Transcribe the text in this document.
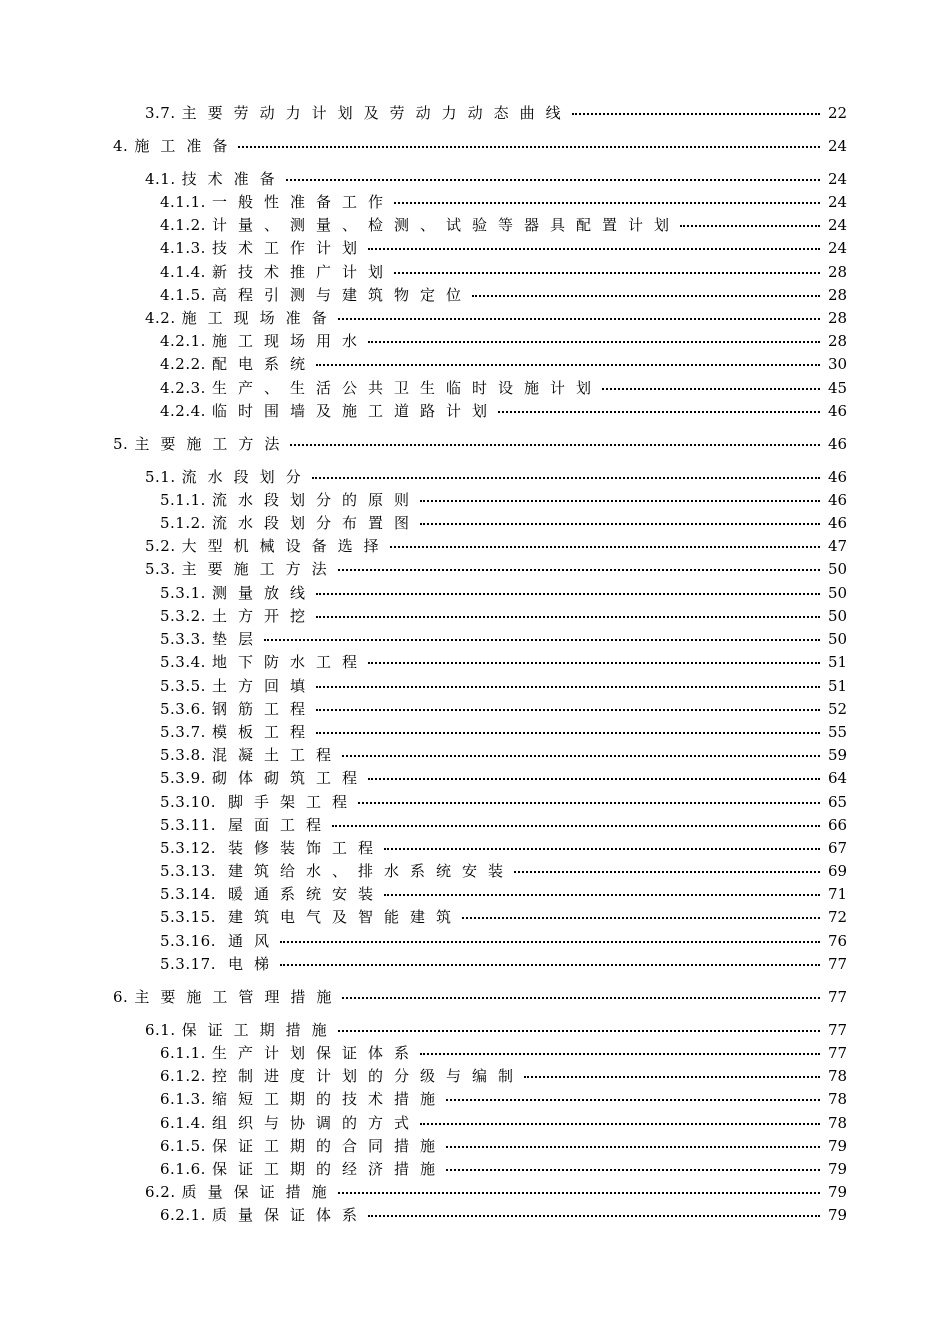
3.7. 主要劳动力计划及劳动力动态曲线	22
4. 施工准备	24
4.1. 技术准备	24
4.1.1. 一般性准备工作	24
4.1.2. 计量、测量、检测、试验等器具配置计划	24
4.1.3. 技术工作计划	24
4.1.4. 新技术推广计划	28
4.1.5. 高程引测与建筑物定位	28
4.2. 施工现场准备	28
4.2.1. 施工现场用水	28
4.2.2. 配电系统	30
4.2.3. 生产、生活公共卫生临时设施计划	45
4.2.4. 临时围墙及施工道路计划	46
5. 主要施工方法	46
5.1. 流水段划分	46
5.1.1. 流水段划分的原则	46
5.1.2. 流水段划分布置图	46
5.2. 大型机械设备选择	47
5.3. 主要施工方法	50
5.3.1. 测量放线	50
5.3.2. 土方开挖	50
5.3.3. 垫层	50
5.3.4. 地下防水工程	51
5.3.5. 土方回填	51
5.3.6. 钢筋工程	52
5.3.7. 模板工程	55
5.3.8. 混凝土工程	59
5.3.9. 砌体砌筑工程	64
5.3.10. 脚手架工程	65
5.3.11. 屋面工程	66
5.3.12. 装修装饰工程	67
5.3.13. 建筑给水、排水系统安装	69
5.3.14. 暖通系统安装	71
5.3.15. 建筑电气及智能建筑	72
5.3.16. 通风	76
5.3.17. 电梯	77
6. 主要施工管理措施	77
6.1. 保证工期措施	77
6.1.1. 生产计划保证体系	77
6.1.2. 控制进度计划的分级与编制	78
6.1.3. 缩短工期的技术措施	78
6.1.4. 组织与协调的方式	78
6.1.5. 保证工期的合同措施	79
6.1.6. 保证工期的经济措施	79
6.2. 质量保证措施	79
6.2.1. 质量保证体系	79
